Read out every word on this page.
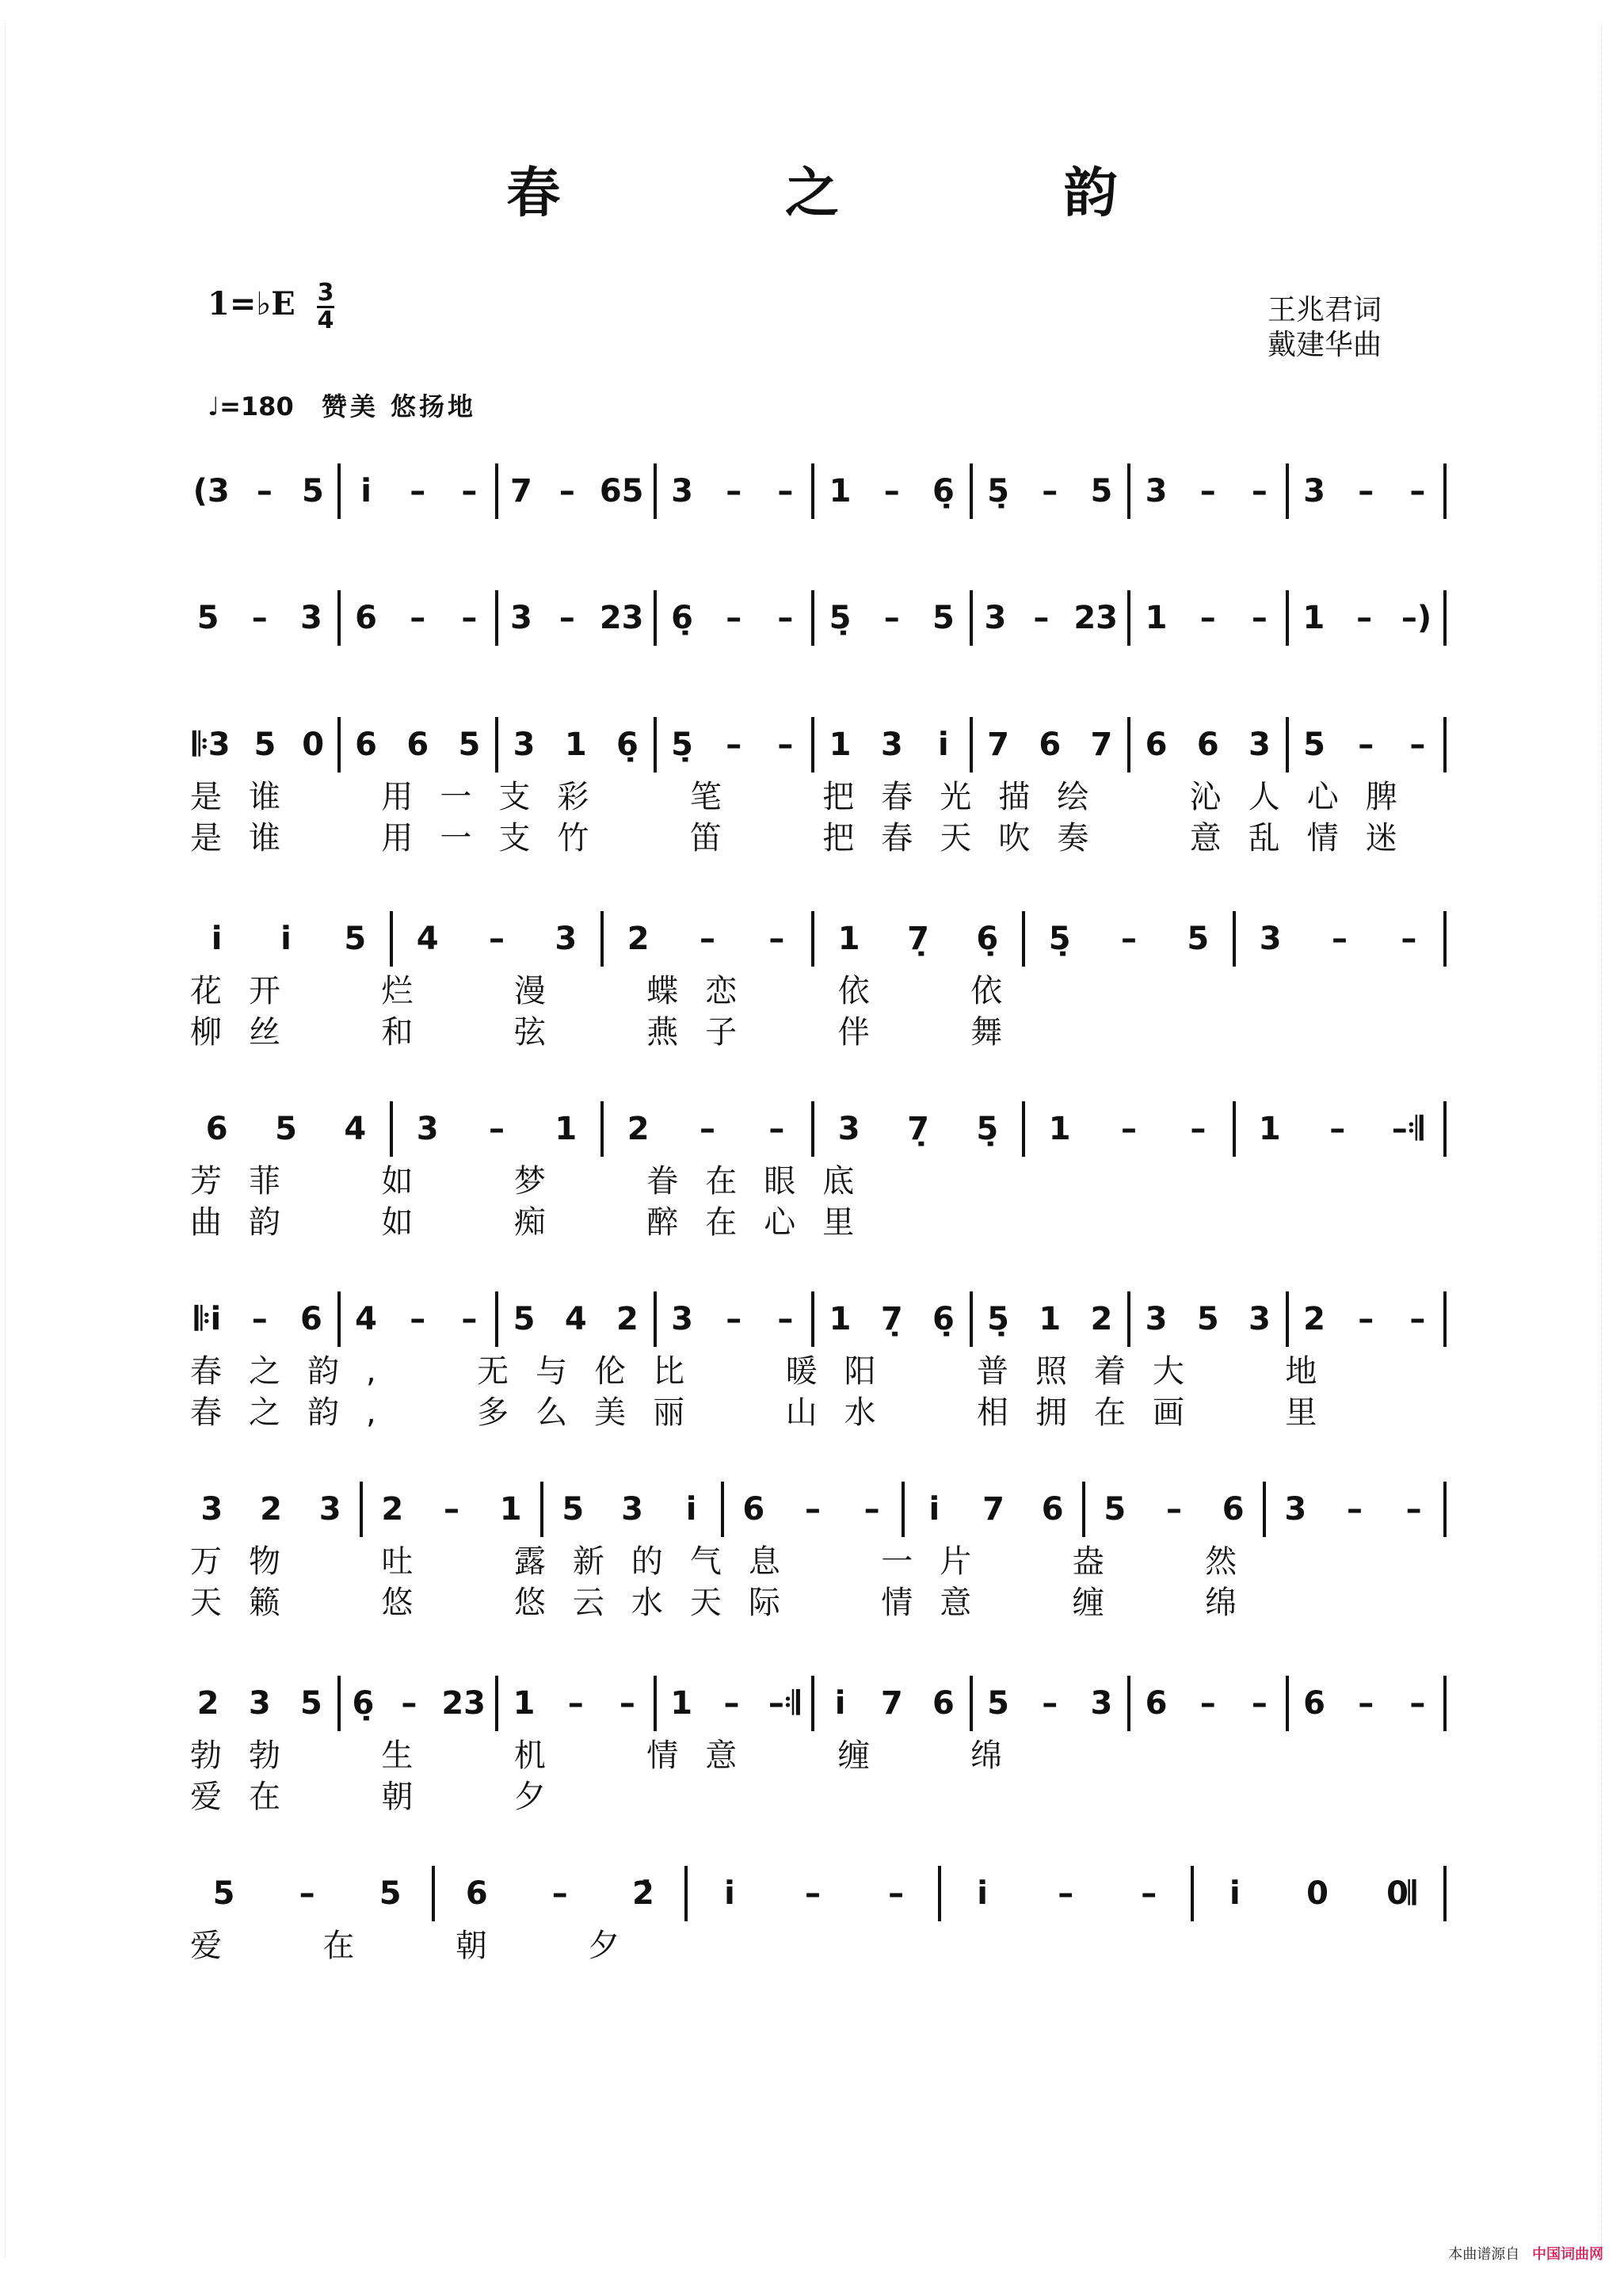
春 之 韵
1=♭E 3
4	王兆君词
戴建华曲
♩=180 赞美 悠扬地
(3 – 5 i̇ – – 7 – 65 3 – – 1 – 6̣ 5̣ – 5 3 – – 3 – –
5 – 3 6 – – 3 – 23 6̣ – – 5̣ – 5 3 – 23 1 – – 1 – –)
𝄆3 5 0 6 6 5 3 1 6̣ 5̣ – – 1 3 i̇ 7 6 7 6 6 3 5 – –
是谁  用一支彩  笔  把春光描绘  沁人心脾
是谁  用一支竹  笛  把春天吹奏  意乱情迷
i̇ i̇ 5 4 – 3 2 – – 1 7̣ 6̣ 5̣ – 5 3 – –
花开  烂  漫  蝶恋  依  依
柳丝  和  弦  燕子  伴  舞
6 5 4 3 – 1 2 – – 3 7̣ 5̣ 1 – – 1 – –𝄇
芳菲  如  梦  眷在眼底
曲韵  如  痴  醉在心里
𝄆i̇ – 6 4 – – 5 4 2 3 – – 1 7̣ 6̣ 5̣ 1 2 3 5 3 2 – –
春之韵,  无与伦比  暖阳  普照着大  地
春之韵,  多么美丽  山水  相拥在画  里
3 2 3 2 – 1 5 3 i̇ 6 – – i̇ 7 6 5 – 6 3 – –
万物  吐  露新的气息  一片  盎  然
天籁  悠  悠云水天际  情意  缠  绵
2 3 5 6̣ – 23 1 – – 1 – –𝄇 i̇ 7 6 5 – 3 6 – – 6 – –
勃勃  生  机  情意  缠  绵
爱在  朝  夕
5 – 5 6 – 2̇ i̇ – – i̇ – – i̇ 0 0𝄂
爱  在  朝  夕
本曲谱源自 中国词曲网
